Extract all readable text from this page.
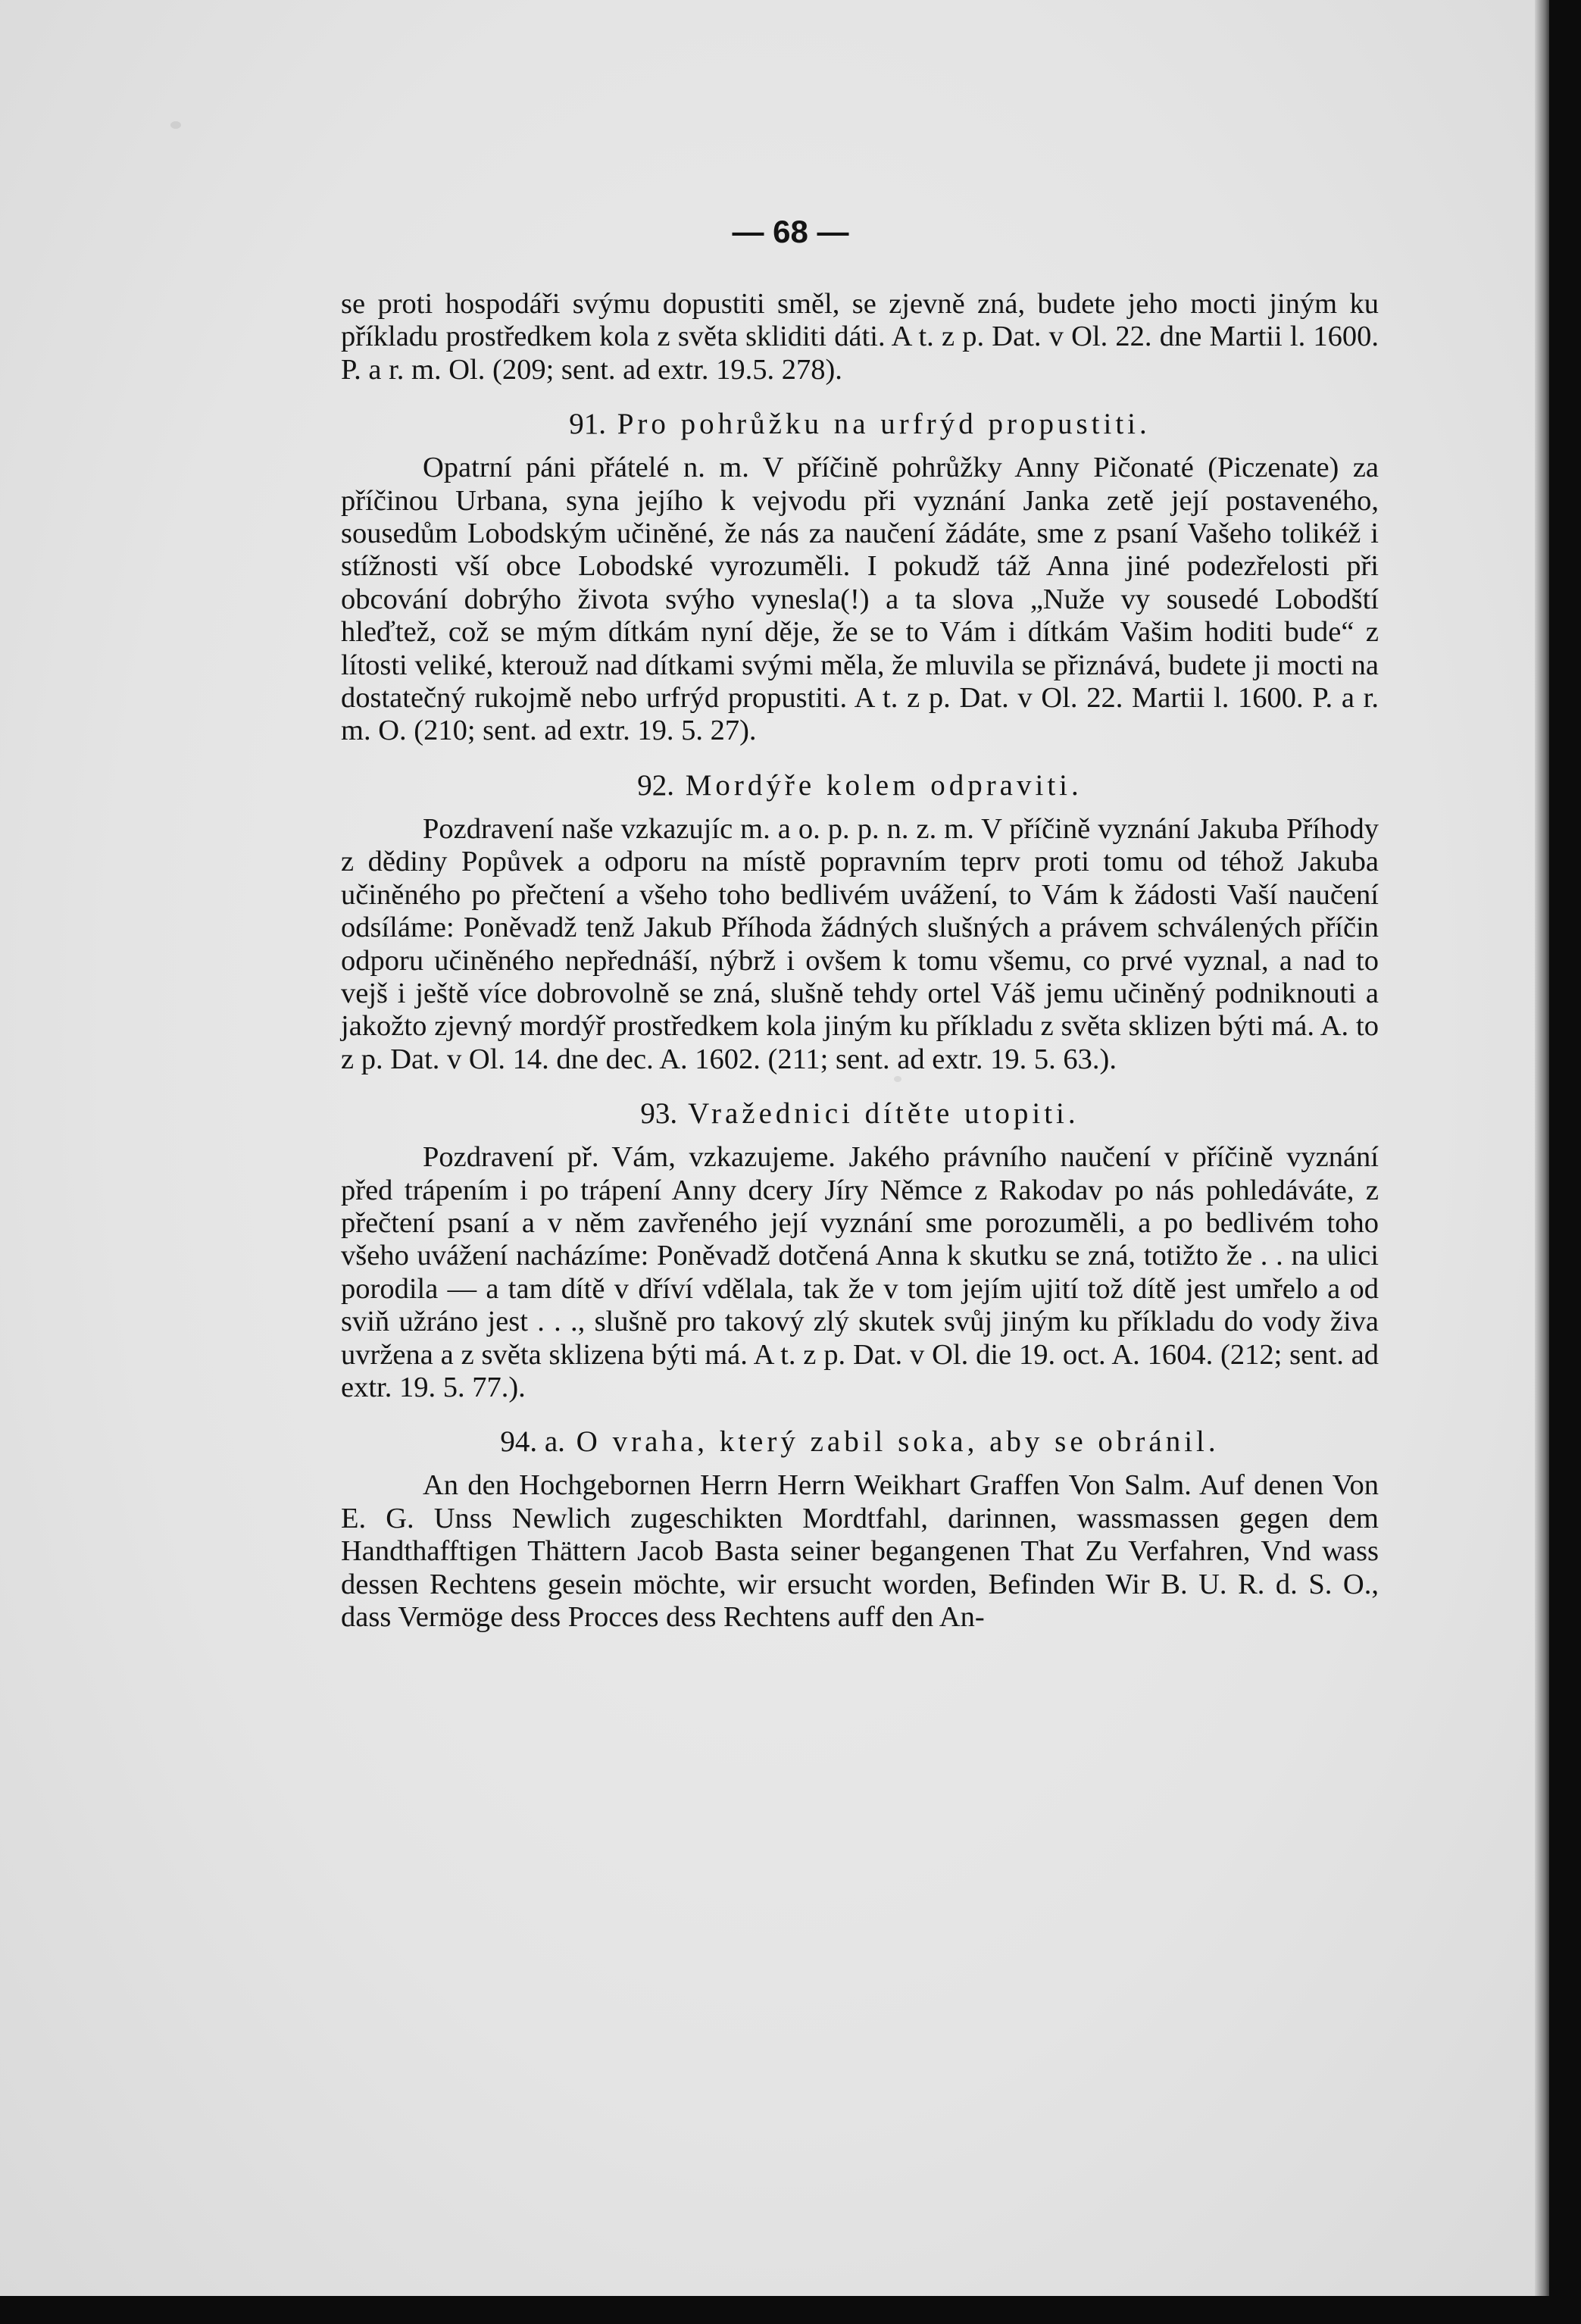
— 68 —

se proti hospodáři svýmu dopustiti směl, se zjevně zná, budete jeho mocti jiným ku příkladu prostředkem kola z světa skliditi dáti. A t. z p. Dat. v Ol. 22. dne Martii l. 1600. P. a r. m. Ol. (209; sent. ad extr. 19.5. 278).

91. Pro pohrůžku na urfrýd propustiti.

Opatrní páni přátelé n. m. V příčině pohrůžky Anny Pičonaté (Piczenate) za příčinou Urbana, syna jejího k vejvodu při vyznání Janka zetě její postaveného, sousedům Lobodským učiněné, že nás za naučení žádáte, sme z psaní Vašeho tolikéž i stížnosti vší obce Lobodské vyrozuměli. I pokudž táž Anna jiné podezřelosti při obcování dobrýho života svýho vynesla(!) a ta slova „Nuže vy sousedé Lobodští hleďtež, což se mým dítkám nyní děje, že se to Vám i dítkám Vašim hoditi bude“ z lítosti veliké, kterouž nad dítkami svými měla, že mluvila se přiznává, budete ji mocti na dostatečný rukojmě nebo urfrýd propustiti. A t. z p. Dat. v Ol. 22. Martii l. 1600. P. a r. m. O. (210; sent. ad extr. 19. 5. 27).

92. Mordýře kolem odpraviti.

Pozdravení naše vzkazujíc m. a o. p. p. n. z. m. V příčině vyznání Jakuba Příhody z dědiny Popůvek a odporu na místě popravním teprv proti tomu od téhož Jakuba učiněného po přečtení a všeho toho bedlivém uvážení, to Vám k žádosti Vaší naučení odsíláme: Poněvadž tenž Jakub Příhoda žádných slušných a právem schválených příčin odporu učiněného nepřednáší, nýbrž i ovšem k tomu všemu, co prvé vyznal, a nad to vejš i ještě více dobrovolně se zná, slušně tehdy ortel Váš jemu učiněný podniknouti a jakožto zjevný mordýř prostředkem kola jiným ku příkladu z světa sklizen býti má. A. to z p. Dat. v Ol. 14. dne dec. A. 1602. (211; sent. ad extr. 19. 5. 63.).

93. Vražednici dítěte utopiti.

Pozdravení př. Vám, vzkazujeme. Jakého právního naučení v příčině vyznání před trápením i po trápení Anny dcery Jíry Němce z Rakodav po nás pohledáváte, z přečtení psaní a v něm zavřeného její vyznání sme porozuměli, a po bedlivém toho všeho uvážení nacházíme: Poněvadž dotčená Anna k skutku se zná, totižto že . . na ulici porodila — a tam dítě v dříví vdělala, tak že v tom jejím ujití tož dítě jest umřelo a od sviň užráno jest . . ., slušně pro takový zlý skutek svůj jiným ku příkladu do vody živa uvržena a z světa sklizena býti má. A t. z p. Dat. v Ol. die 19. oct. A. 1604. (212; sent. ad extr. 19. 5. 77.).

94. a. O vraha, který zabil soka, aby se obránil.

An den Hochgebornen Herrn Herrn Weikhart Graffen Von Salm. Auf denen Von E. G. Unss Newlich zugeschikten Mordtfahl, darinnen, wassmassen gegen dem Handthafftigen Thättern Jacob Basta seiner begangenen That Zu Verfahren, Vnd wass dessen Rechtens gesein möchte, wir ersucht worden, Befinden Wir B. U. R. d. S. O., dass Vermöge dess Procces dess Rechtens auff den An-
